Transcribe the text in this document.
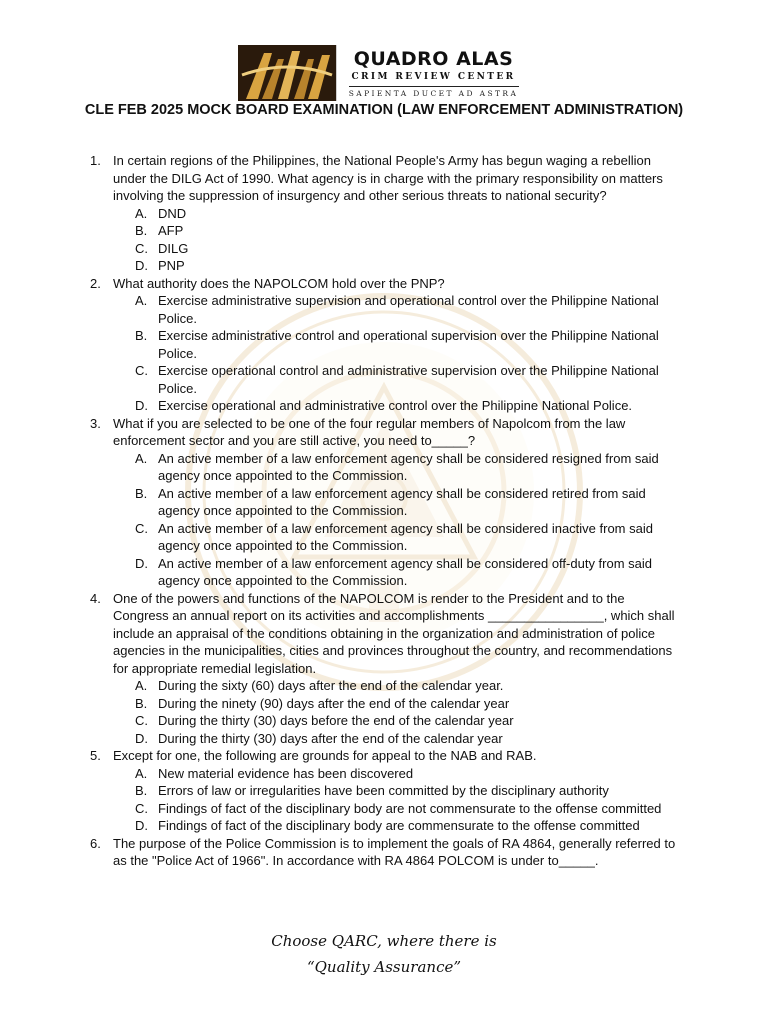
QUADRO ALAS
CRIM REVIEW CENTER
SAPIENTA DUCET AD ASTRA
CLE FEB 2025 MOCK BOARD EXAMINATION (LAW ENFORCEMENT ADMINISTRATION)
1. In certain regions of the Philippines, the National People's Army has begun waging a rebellion under the DILG Act of 1990. What agency is in charge with the primary responsibility on matters involving the suppression of insurgency and other serious threats to national security?
A. DND
B. AFP
C. DILG
D. PNP
2. What authority does the NAPOLCOM hold over the PNP?
A. Exercise administrative supervision and operational control over the Philippine National Police.
B. Exercise administrative control and operational supervision over the Philippine National Police.
C. Exercise operational control and administrative supervision over the Philippine National Police.
D. Exercise operational and administrative control over the Philippine National Police.
3. What if you are selected to be one of the four regular members of Napolcom from the law enforcement sector and you are still active, you need to_____?
A. An active member of a law enforcement agency shall be considered resigned from said agency once appointed to the Commission.
B. An active member of a law enforcement agency shall be considered retired from said agency once appointed to the Commission.
C. An active member of a law enforcement agency shall be considered inactive from said agency once appointed to the Commission.
D. An active member of a law enforcement agency shall be considered off-duty from said agency once appointed to the Commission.
4. One of the powers and functions of the NAPOLCOM is render to the President and to the Congress an annual report on its activities and accomplishments ________________, which shall include an appraisal of the conditions obtaining in the organization and administration of police agencies in the municipalities, cities and provinces throughout the country, and recommendations for appropriate remedial legislation.
A. During the sixty (60) days after the end of the calendar year.
B. During the ninety (90) days after the end of the calendar year
C. During the thirty (30) days before the end of the calendar year
D. During the thirty (30) days after the end of the calendar year
5. Except for one, the following are grounds for appeal to the NAB and RAB.
A. New material evidence has been discovered
B. Errors of law or irregularities have been committed by the disciplinary authority
C. Findings of fact of the disciplinary body are not commensurate to the offense committed
D. Findings of fact of the disciplinary body are commensurate to the offense committed
6. The purpose of the Police Commission is to implement the goals of RA 4864, generally referred to as the "Police Act of 1966". In accordance with RA 4864 POLCOM is under to_____.
Choose QARC, where there is
“Quality Assurance”
